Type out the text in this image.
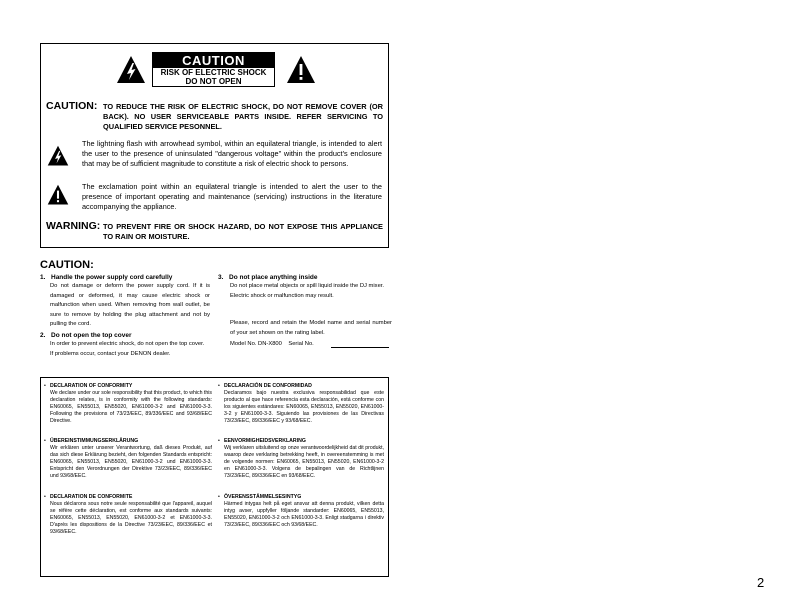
CAUTION
RISK OF ELECTRIC SHOCK
DO NOT OPEN
CAUTION: TO REDUCE THE RISK OF ELECTRIC SHOCK, DO NOT REMOVE COVER (OR BACK). NO USER SERVICEABLE PARTS INSIDE. REFER SERVICING TO QUALIFIED SERVICE PESONNEL.
The lightning flash with arrowhead symbol, within an equilateral triangle, is intended to alert the user to the presence of uninsulated "dangerous voltage" within the product's enclosure that may be of sufficient magnitude to constitute a risk of electric shock to persons.
The exclamation point within an equilateral triangle is intended to alert the user to the presence of important operating and maintenance (servicing) instructions in the literature accompanying the appliance.
WARNING: TO PREVENT FIRE OR SHOCK HAZARD, DO NOT EXPOSE THIS APPLIANCE TO RAIN OR MOISTURE.
CAUTION:
1. Handle the power supply cord carefully
Do not damage or deform the power supply cord. If it is damaged or deformed, it may cause electric shock or malfunction when used. When removing from wall outlet, be sure to remove by holding the plug attachment and not by pulling the cord.
2. Do not open the top cover
In order to prevent electric shock, do not open the top cover.
If problems occur, contact your DENON dealer.
3. Do not place anything inside
Do not place metal objects or spill liquid inside the DJ mixer.
Electric shock or malfunction may result.
Please, record and retain the Model name and serial number of your set shown on the rating label.
Model No. DN-X800 Serial No.
• DECLARATION OF CONFORMITY
We declare under our sole responsibility that this product, to which this declaration relates, is in conformity with the following standards: EN60065, EN55013, EN55020, EN61000-3-2 and EN61000-3-3. Following the provisions of 73/23/EEC, 89/336/EEC and 93/68/EEC Directive.
• ÜBEREINSTIMMUNGSERKLÄRUNG
Wir erklären unter unserer Verantwortung, daß dieses Produkt, auf das sich diese Erklärung bezieht, den folgenden Standards entspricht: EN60065, EN55013, EN55020, EN61000-3-2 und EN61000-3-3. Entspricht den Verordnungen der Direktive 73/23/EEC, 89/336/EEC und 93/68/EEC.
• DECLARATION DE CONFORMITE
Nous déclarons sous notre seule responsabilité que l'appareil, auquel se réfère cette déclaration, est conforme aux standards suivants: EN60065, EN55013, EN55020, EN61000-3-2 et EN61000-3-3. D'après les dispositions de la Directive 73/23/EEC, 89/336/EEC et 93/68/EEC.
• DECLARACIÓN DE CONFORMIDAD
Declaramos bajo nuestra exclusiva responsabilidad que este producto al que hace referencia esta declaración, está conforme con los siguientes estándares: EN60065, EN55013, EN55020, EN61000-3-2 y EN61000-3-3. Siguiendo las provisiones de las Directivas 73/23/EEC, 89/336/EEC y 93/68/EEC.
• EENVORMIGHEIDSVERKLARING
Wij verklaren uitsluitend op onze verantwoordelijkheid dat dit produkt, waarop deze verklaring betrekking heeft, in overeenstemming is met de volgende normen: EN60065, EN55013, EN55020, EN61000-3-2 en EN61000-3-3. Volgens de bepalingen van de Richtlijnen 73/23/EEC, 89/336/EEC en 93/68/EEC.
• ÖVERENSSTÄMMELSESINTYG
Härmed intygas helt på eget ansvar att denna produkt, vilken detta intyg avser, uppfyller följande standarder: EN60065, EN55013, EN55020, EN61000-3-2 och EN61000-3-3. Enligt stadgarna i direktiv 73/23/EEC, 89/336/EEC och 93/68/EEC.
2
